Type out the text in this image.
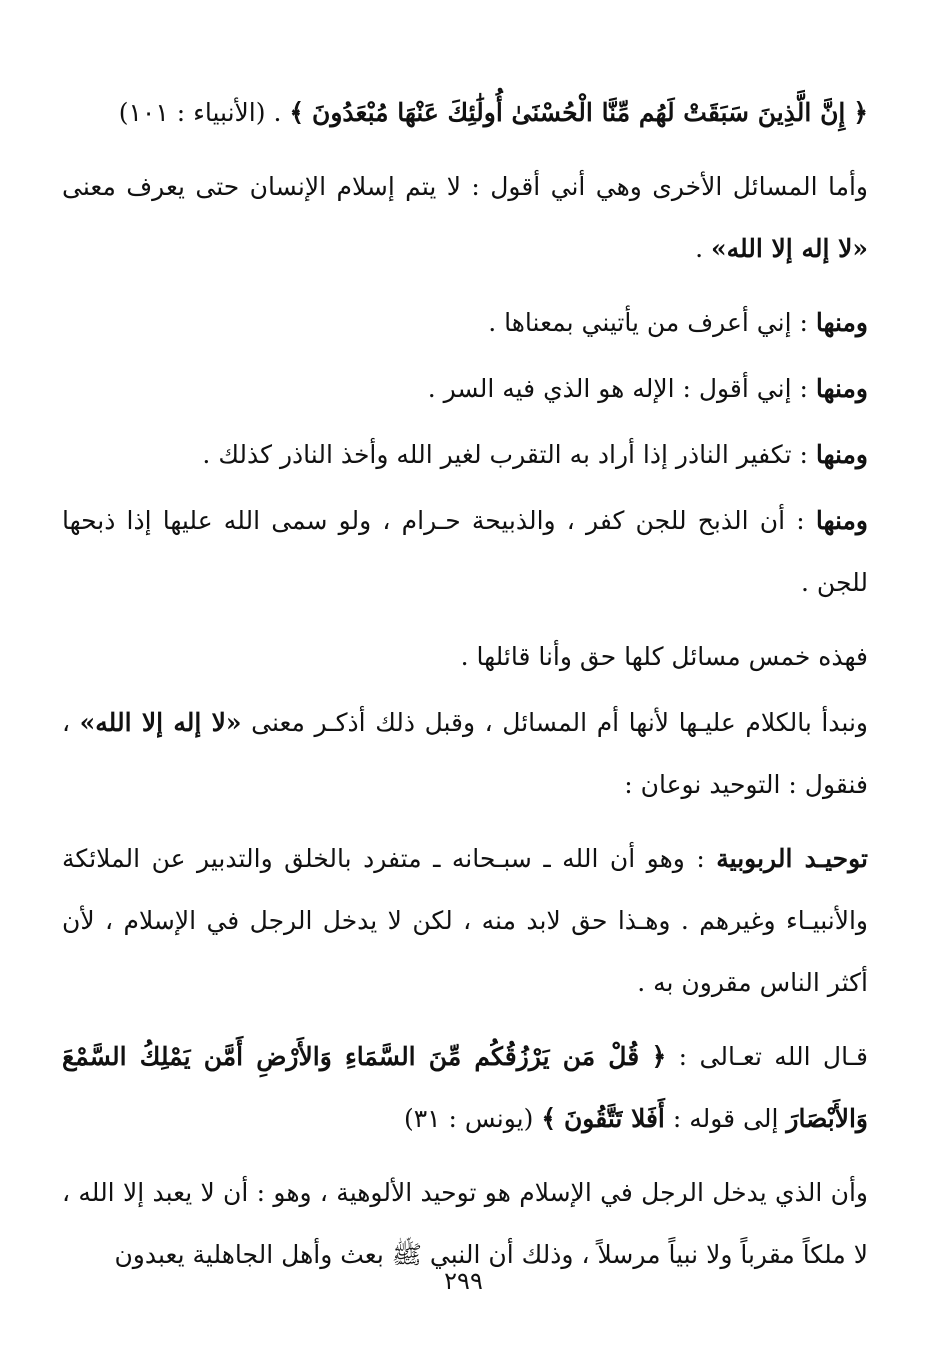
﴿ إِنَّ الَّذِينَ سَبَقَتْ لَهُم مِّنَّا الْحُسْنَىٰ أُولَٰئِكَ عَنْهَا مُبْعَدُونَ ﴾ . (الأنبياء : ١٠١)

وأما المسائل الأخرى وهي أني أقول : لا يتم إسلام الإنسان حتى يعرف معنى «لا إله إلا الله» .

ومنها : إني أعرف من يأتيني بمعناها .

ومنها : إني أقول : الإله هو الذي فيه السر .

ومنها : تكفير الناذر إذا أراد به التقرب لغير الله وأخذ الناذر كذلك .

ومنها : أن الذبح للجن كفر ، والذبيحة حـرام ، ولو سمى الله عليها إذا ذبحها للجن .

فهذه خمس مسائل كلها حق وأنا قائلها .

ونبدأ بالكلام عليـها لأنها أم المسائل ، وقبل ذلك أذكـر معنى «لا إله إلا الله» ، فنقول : التوحيد نوعان :

توحيـد الربوبية : وهو أن الله ـ سبـحانه ـ متفرد بالخلق والتدبير عن الملائكة والأنبيـاء وغيرهم . وهـذا حق لابد منه ، لكن لا يدخل الرجل في الإسلام ، لأن أكثر الناس مقرون به .

قـال الله تعـالى : ﴿ قُلْ مَن يَرْزُقُكُم مِّنَ السَّمَاءِ وَالأَرْضِ أَمَّن يَمْلِكُ السَّمْعَ وَالأَبْصَارَ إلى قوله : أَفَلا تَتَّقُونَ ﴾ (يونس : ٣١)

وأن الذي يدخل الرجل في الإسلام هو توحيد الألوهية ، وهو : أن لا يعبد إلا الله ، لا ملكاً مقرباً ولا نبياً مرسلاً ، وذلك أن النبي ﷺ بعث وأهل الجاهلية يعبدون

٢٩٩
